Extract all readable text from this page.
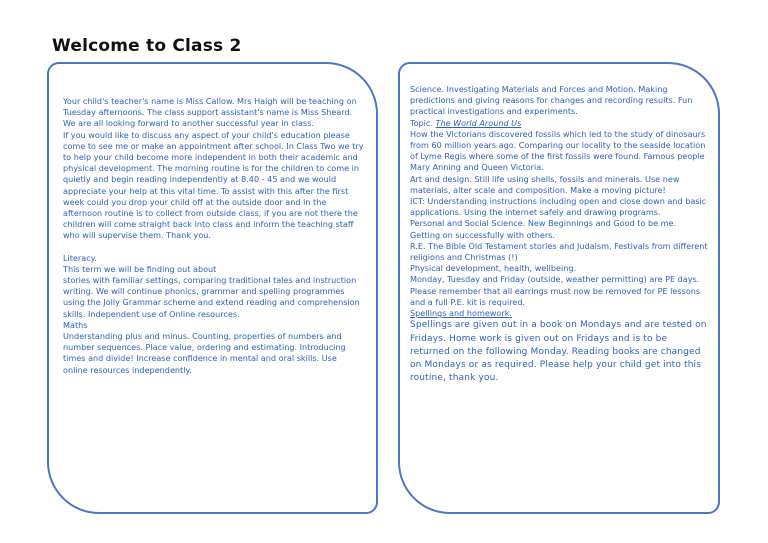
Welcome to Class 2

Your child's teacher's name is Miss Callow. Mrs Haigh will be teaching on Tuesday afternoons. The class support assistant's name is Miss Sheard. We are all looking forward to another successful year in class.

If you would like to discuss any aspect of your child's education please come to see me or make an appointment after school. In Class Two we try to help your child become more independent in both their academic and physical development. The morning routine is for the children to come in quietly and begin reading independently at 8.40 - 45 and we would appreciate your help at this vital time. To assist with this after the first week could you drop your child off at the outside door and in the afternoon routine is to collect from outside class, if you are not there the children will come straight back into class and inform the teaching staff who will supervise them. Thank you.

Literacy.

This term we will be finding out about

stories with familiar settings, comparing traditional tales and instruction writing. We will continue phonics, grammar and spelling programmes using the Jolly Grammar scheme and extend reading and comprehension skills. Independent use of Online resources.

Maths

Understanding plus and minus. Counting, properties of numbers and number sequences. Place value, ordering and estimating. Introducing times and divide! Increase confidence in mental and oral skills. Use online resources independently.

Science. Investigating Materials and Forces and Motion. Making predictions and giving reasons for changes and recording results. Fun practical investigations and experiments.

Topic. The World Around Us

How the Victorians discovered fossils which led to the study of dinosaurs from 60 million years ago. Comparing our locality to the seaside location of Lyme Regis where some of the first fossils were found. Famous people Mary Anning and Queen Victoria.

Art and design. Still life using shells, fossils and minerals. Use new materials, alter scale and composition. Make a moving picture!

ICT: Understanding instructions including open and close down and basic applications. Using the internet safely and drawing programs.

Personal and Social Science. New Beginnings and Good to be me. Getting on successfully with others.

R.E. The Bible Old Testament stories and Judaism, Festivals from different religions and Christmas (!)

Physical development, health, wellbeing.

Monday, Tuesday and Friday (outside, weather permitting) are PE days. Please remember that all earrings must now be removed for PE lessons and a full P.E. kit is required.

Spellings and homework.

Spellings are given out in a book on Mondays and are tested on Fridays. Home work is given out on Fridays and is to be returned on the following Monday. Reading books are changed on Mondays or as required. Please help your child get into this routine, thank you.
